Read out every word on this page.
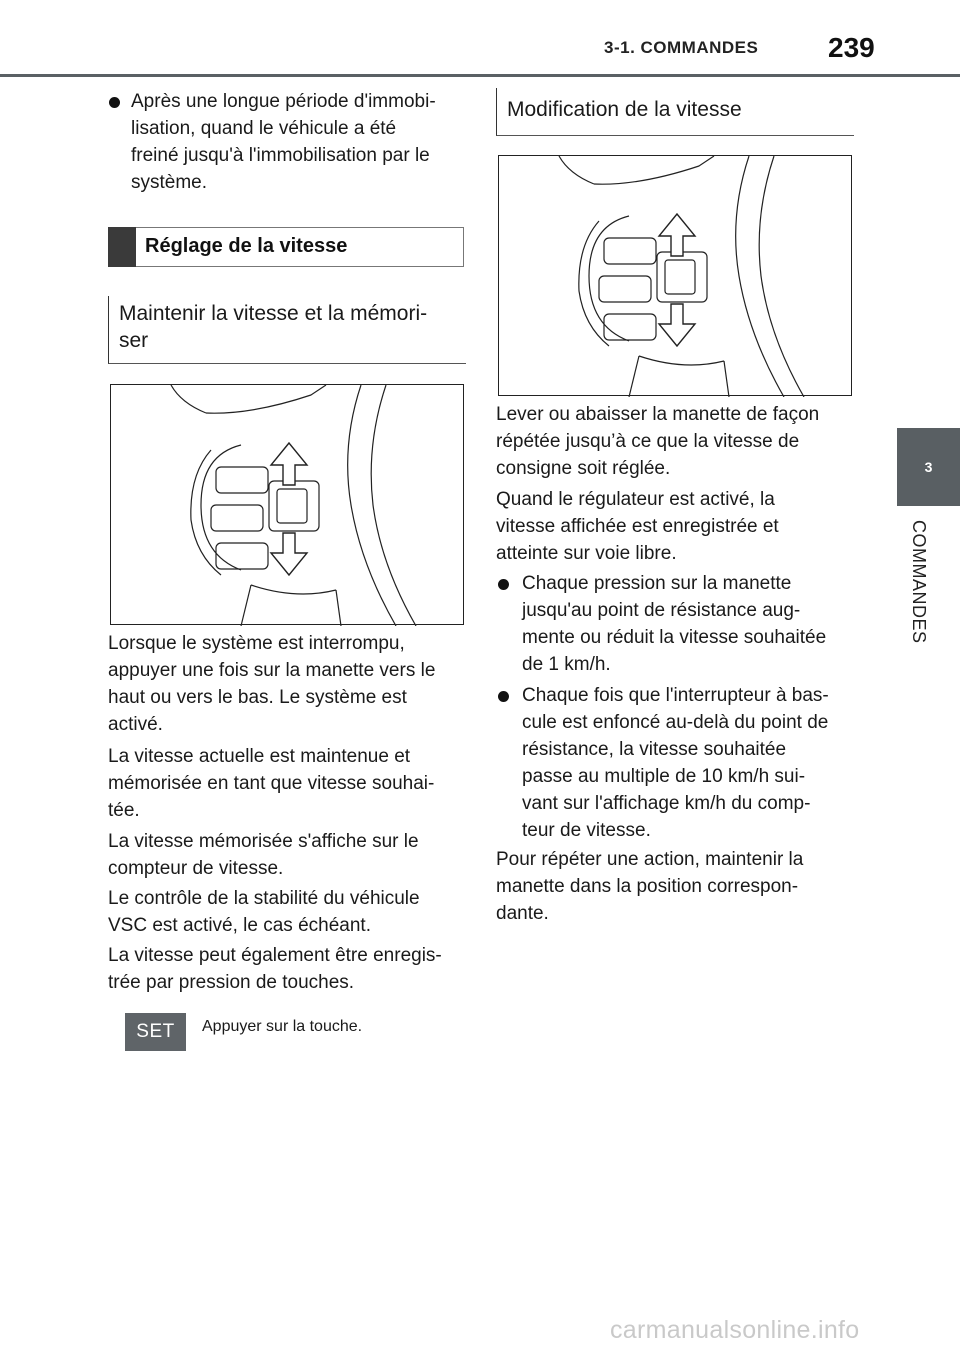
3-1. COMMANDES 239
3
COMMANDES
Après une longue période d'immobi-
lisation, quand le véhicule a été
freiné jusqu'à l'immobilisation par le
système.
Réglage de la vitesse
Maintenir la vitesse et la mémori-
ser
Lorsque le système est interrompu,
appuyer une fois sur la manette vers le
haut ou vers le bas. Le système est
activé.
La vitesse actuelle est maintenue et
mémorisée en tant que vitesse souhai-
tée.
La vitesse mémorisée s'affiche sur le
compteur de vitesse.
Le contrôle de la stabilité du véhicule
VSC est activé, le cas échéant.
La vitesse peut également être enregis-
trée par pression de touches.
SET	Appuyer sur la touche.
Modification de la vitesse
Lever ou abaisser la manette de façon
répétée jusqu’à ce que la vitesse de
consigne soit réglée.
Quand le régulateur est activé, la
vitesse affichée est enregistrée et
atteinte sur voie libre.
Chaque pression sur la manette
jusqu'au point de résistance aug-
mente ou réduit la vitesse souhaitée
de 1 km/h.
Chaque fois que l'interrupteur à bas-
cule est enfoncé au-delà du point de
résistance, la vitesse souhaitée
passe au multiple de 10 km/h sui-
vant sur l'affichage km/h du comp-
teur de vitesse.
Pour répéter une action, maintenir la
manette dans la position correspon-
dante.
carmanualsonline.info
